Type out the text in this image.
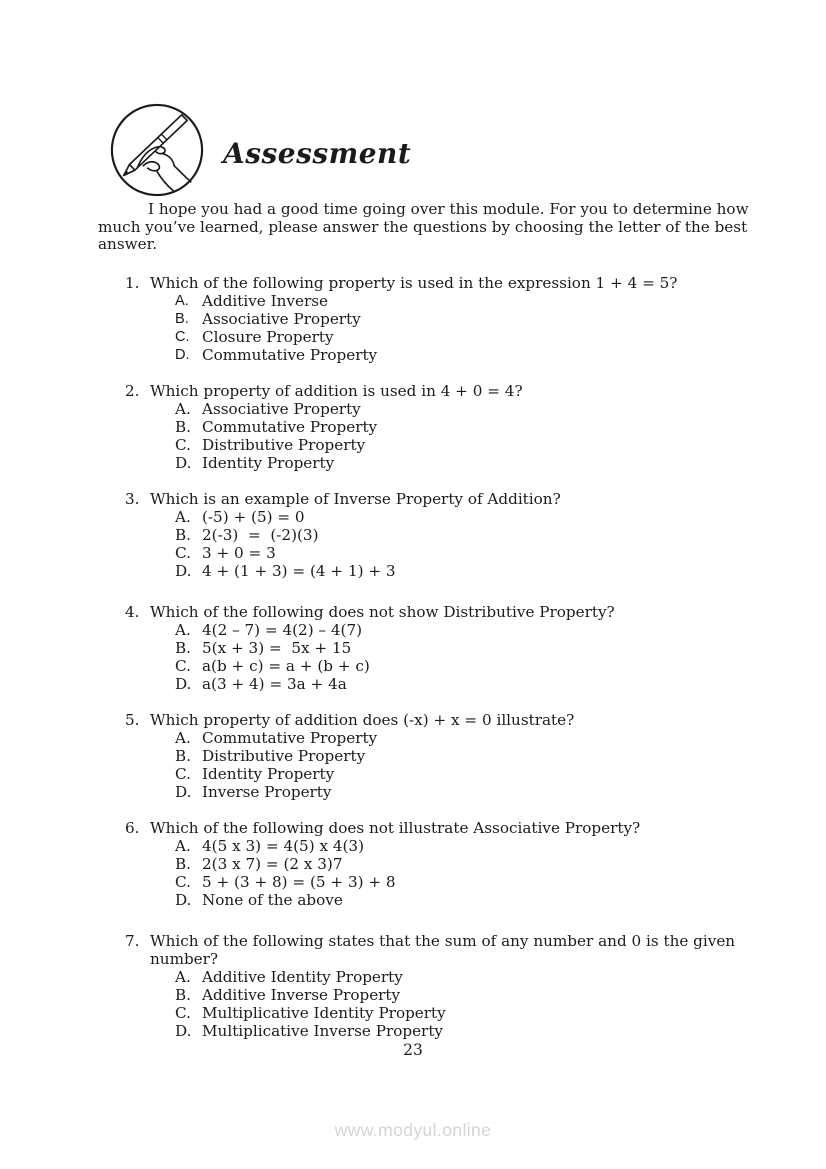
Assessment
I hope you had a good time going over this module. For you to determine how
much you’ve learned, please answer the questions by choosing the letter of the best
answer.
1. Which of the following property is used in the expression 1 + 4 = 5?
A. Additive Inverse
B. Associative Property
C. Closure Property
D. Commutative Property
2. Which property of addition is used in 4 + 0 = 4?
A. Associative Property
B. Commutative Property
C. Distributive Property
D. Identity Property
3. Which is an example of Inverse Property of Addition?
A. (-5) + (5) = 0
B. 2(-3)  =  (-2)(3)
C. 3 + 0 = 3
D. 4 + (1 + 3) = (4 + 1) + 3
4. Which of the following does not show Distributive Property?
A. 4(2 – 7) = 4(2) – 4(7)
B. 5(x + 3) =  5x + 15
C. a(b + c) = a + (b + c)
D. a(3 + 4) = 3a + 4a
5. Which property of addition does (-x) + x = 0 illustrate?
A. Commutative Property
B. Distributive Property
C. Identity Property
D. Inverse Property
6. Which of the following does not illustrate Associative Property?
A. 4(5 x 3) = 4(5) x 4(3)
B. 2(3 x 7) = (2 x 3)7
C. 5 + (3 + 8) = (5 + 3) + 8
D. None of the above
7. Which of the following states that the sum of any number and 0 is the given
number?
A. Additive Identity Property
B. Additive Inverse Property
C. Multiplicative Identity Property
D. Multiplicative Inverse Property
23
www.modyul.online
